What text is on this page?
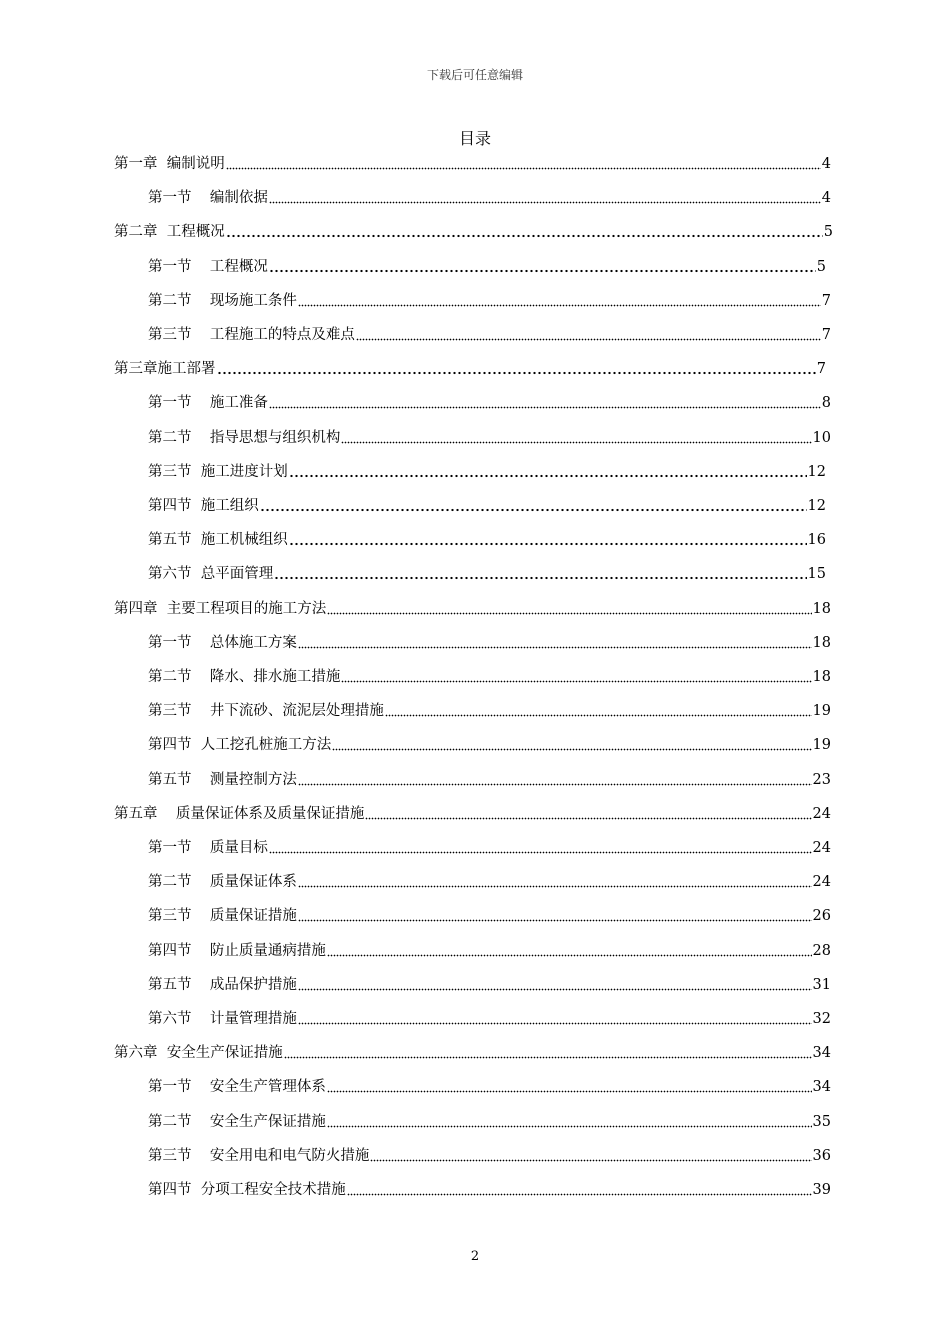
下载后可任意编辑
目录
第一章  编制说明	4
第一节    编制依据	4
第二章  工程概况	5
第一节    工程概况	5
第二节    现场施工条件	7
第三节    工程施工的特点及难点	7
第三章施工部署	7
第一节    施工准备	8
第二节    指导思想与组织机构	10
第三节  施工进度计划	12
第四节  施工组织	12
第五节  施工机械组织	16
第六节  总平面管理	15
第四章  主要工程项目的施工方法	18
第一节    总体施工方案	18
第二节    降水、排水施工措施	18
第三节    井下流砂、流泥层处理措施	19
第四节  人工挖孔桩施工方法	19
第五节    测量控制方法	23
第五章    质量保证体系及质量保证措施	24
第一节    质量目标	24
第二节    质量保证体系	24
第三节    质量保证措施	26
第四节    防止质量通病措施	28
第五节    成品保护措施	31
第六节    计量管理措施	32
第六章  安全生产保证措施	34
第一节    安全生产管理体系	34
第二节    安全生产保证措施	35
第三节    安全用电和电气防火措施	36
第四节  分项工程安全技术措施	39
2
